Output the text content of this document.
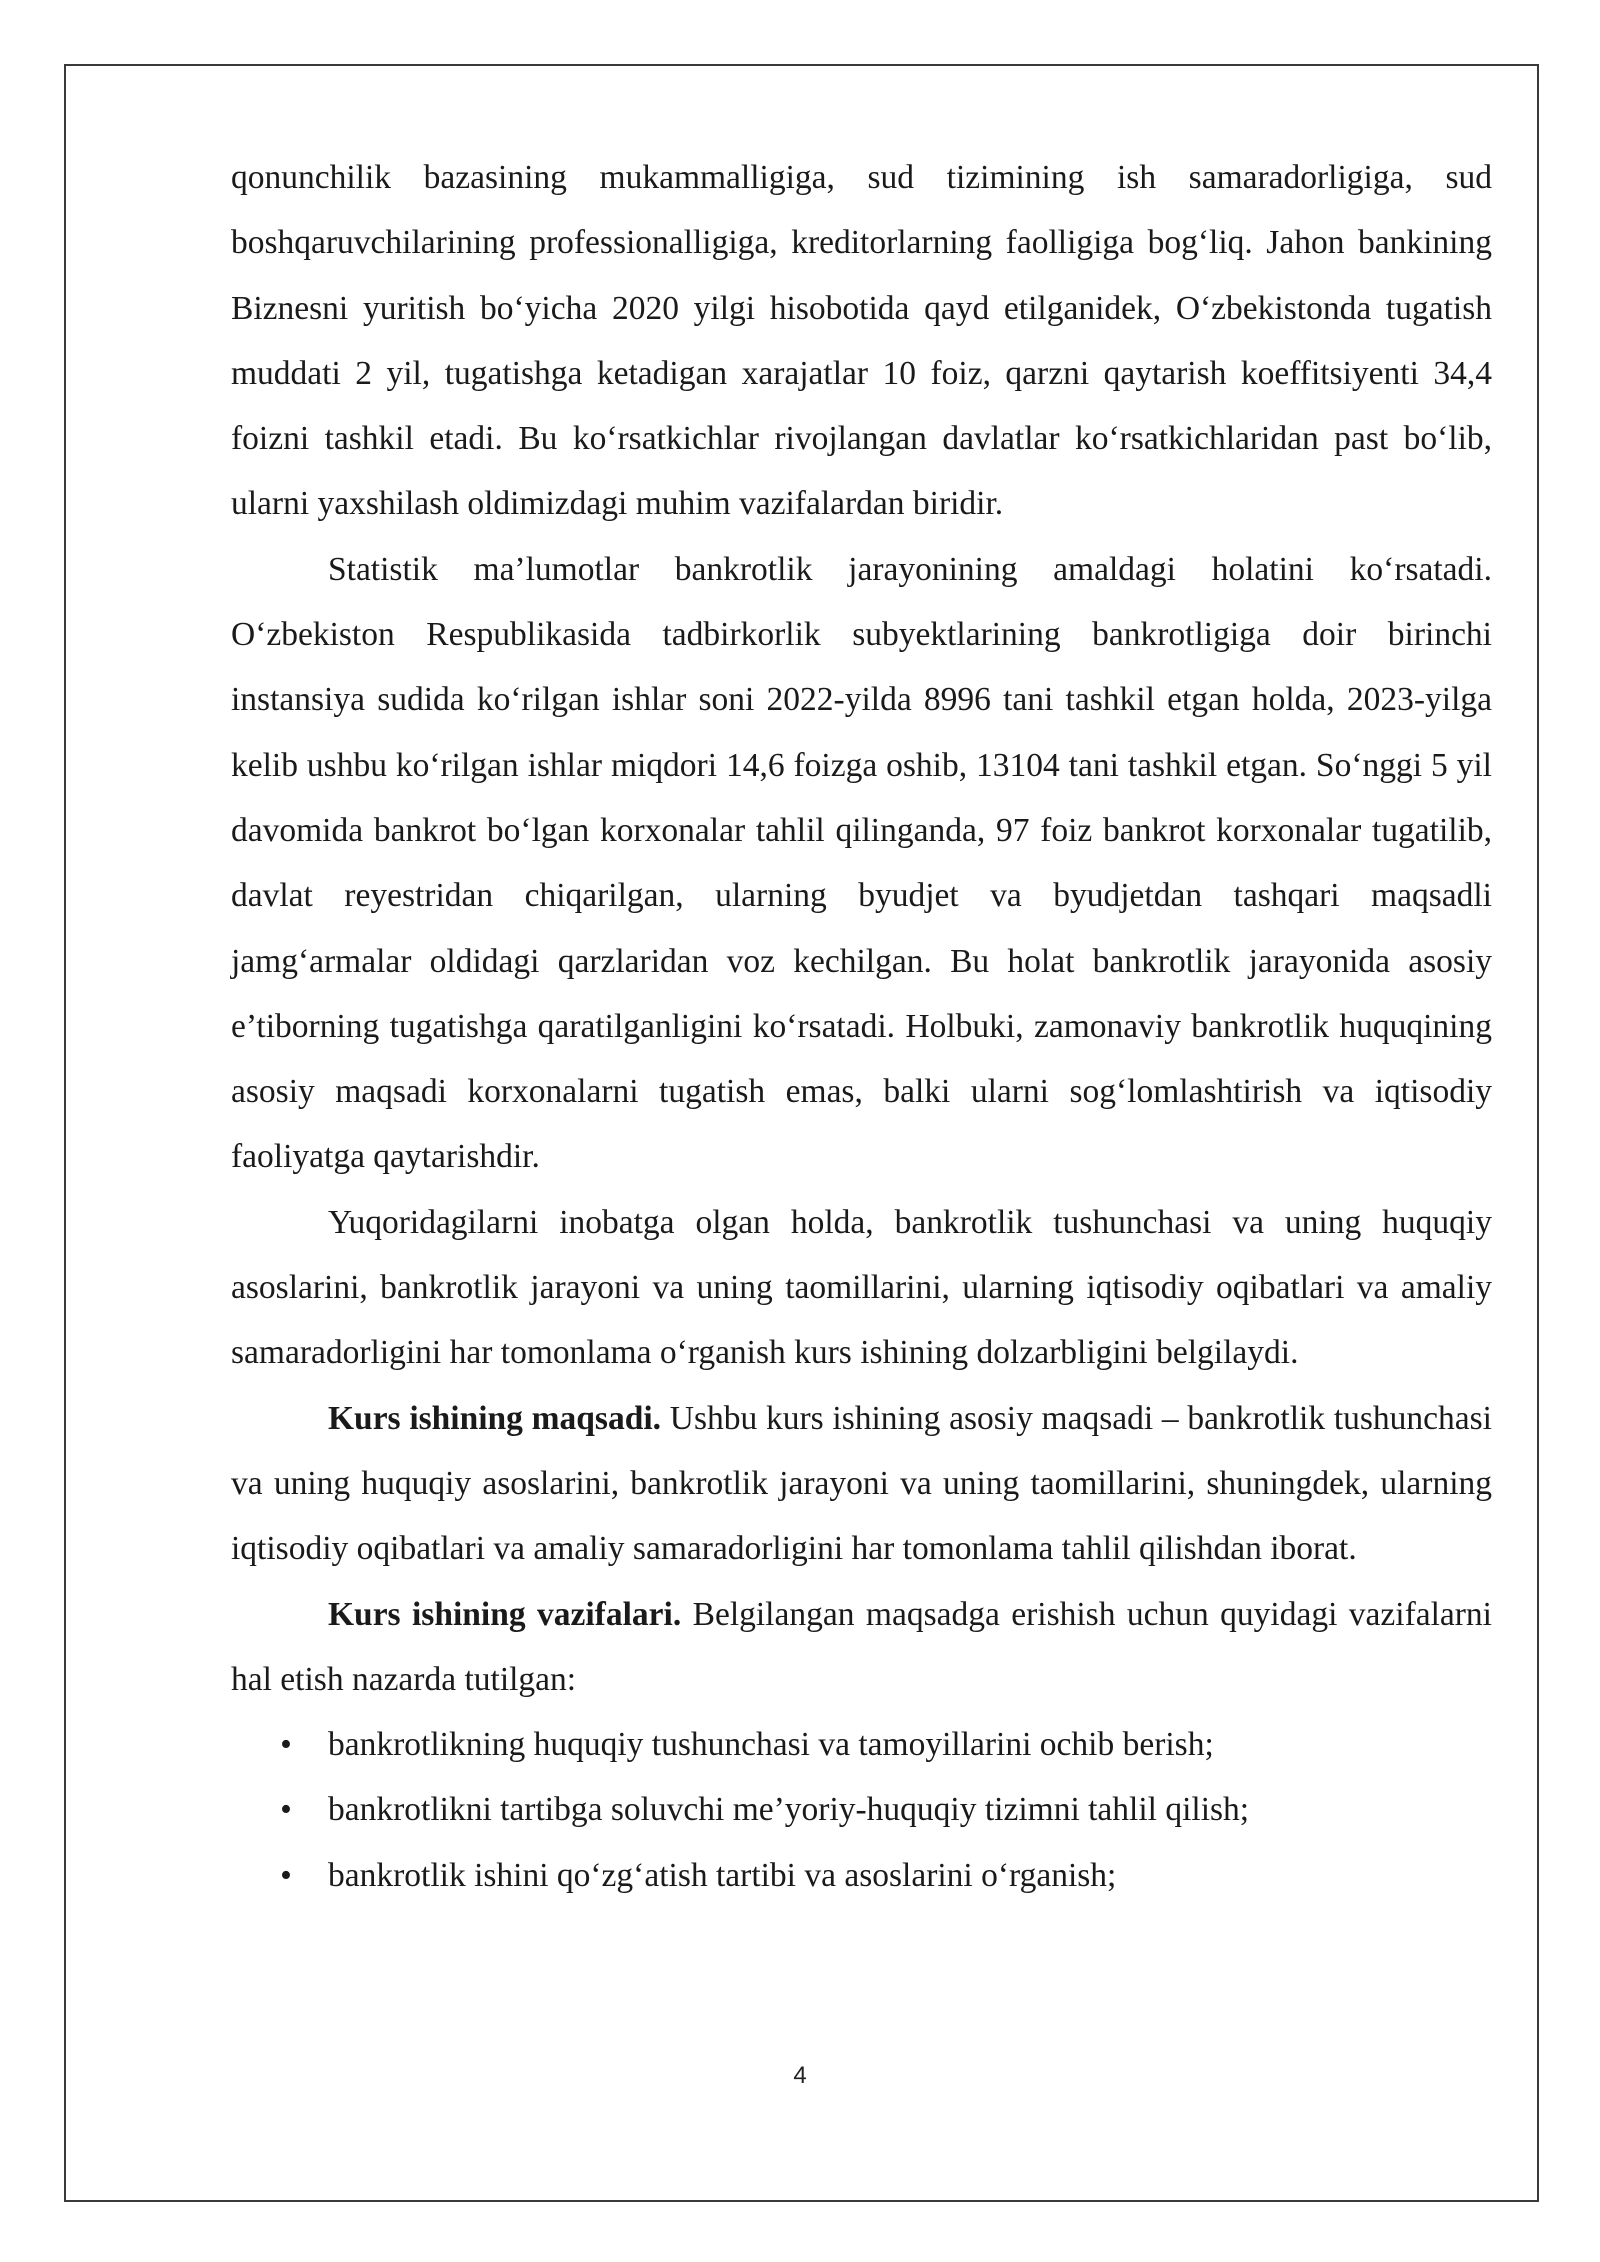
qonunchilik bazasining mukammalligiga, sud tizimining ish samaradorligiga, sud boshqaruvchilarining professionalligiga, kreditorlarning faolligiga bog‘liq. Jahon bankining Biznesni yuritish bo‘yicha 2020 yilgi hisobotida qayd etilganidek, O‘zbekistonda tugatish muddati 2 yil, tugatishga ketadigan xarajatlar 10 foiz, qarzni qaytarish koeffitsiyenti 34,4 foizni tashkil etadi. Bu ko‘rsatkichlar rivojlangan davlatlar ko‘rsatkichlaridan past bo‘lib, ularni yaxshilash oldimizdagi muhim vazifalardan biridir.

Statistik ma’lumotlar bankrotlik jarayonining amaldagi holatini ko‘rsatadi. O‘zbekiston Respublikasida tadbirkorlik subyektlarining bankrotligiga doir birinchi instansiya sudida ko‘rilgan ishlar soni 2022-yilda 8996 tani tashkil etgan holda, 2023-yilga kelib ushbu ko‘rilgan ishlar miqdori 14,6 foizga oshib, 13104 tani tashkil etgan. So‘nggi 5 yil davomida bankrot bo‘lgan korxonalar tahlil qilinganda, 97 foiz bankrot korxonalar tugatilib, davlat reyestridan chiqarilgan, ularning byudjet va byudjetdan tashqari maqsadli jamg‘armalar oldidagi qarzlaridan voz kechilgan. Bu holat bankrotlik jarayonida asosiy e’tiborning tugatishga qaratilganligini ko‘rsatadi. Holbuki, zamonaviy bankrotlik huquqining asosiy maqsadi korxonalarni tugatish emas, balki ularni sog‘lomlashtirish va iqtisodiy faoliyatga qaytarishdir.

Yuqoridagilarni inobatga olgan holda, bankrotlik tushunchasi va uning huquqiy asoslarini, bankrotlik jarayoni va uning taomillarini, ularning iqtisodiy oqibatlari va amaliy samaradorligini har tomonlama o‘rganish kurs ishining dolzarbligini belgilaydi.

Kurs ishining maqsadi. Ushbu kurs ishining asosiy maqsadi – bankrotlik tushunchasi va uning huquqiy asoslarini, bankrotlik jarayoni va uning taomillarini, shuningdek, ularning iqtisodiy oqibatlari va amaliy samaradorligini har tomonlama tahlil qilishdan iborat.

Kurs ishining vazifalari. Belgilangan maqsadga erishish uchun quyidagi vazifalarni hal etish nazarda tutilgan:

• bankrotlikning huquqiy tushunchasi va tamoyillarini ochib berish;
• bankrotlikni tartibga soluvchi me’yoriy-huquqiy tizimni tahlil qilish;
• bankrotlik ishini qo‘zg‘atish tartibi va asoslarini o‘rganish;
4
